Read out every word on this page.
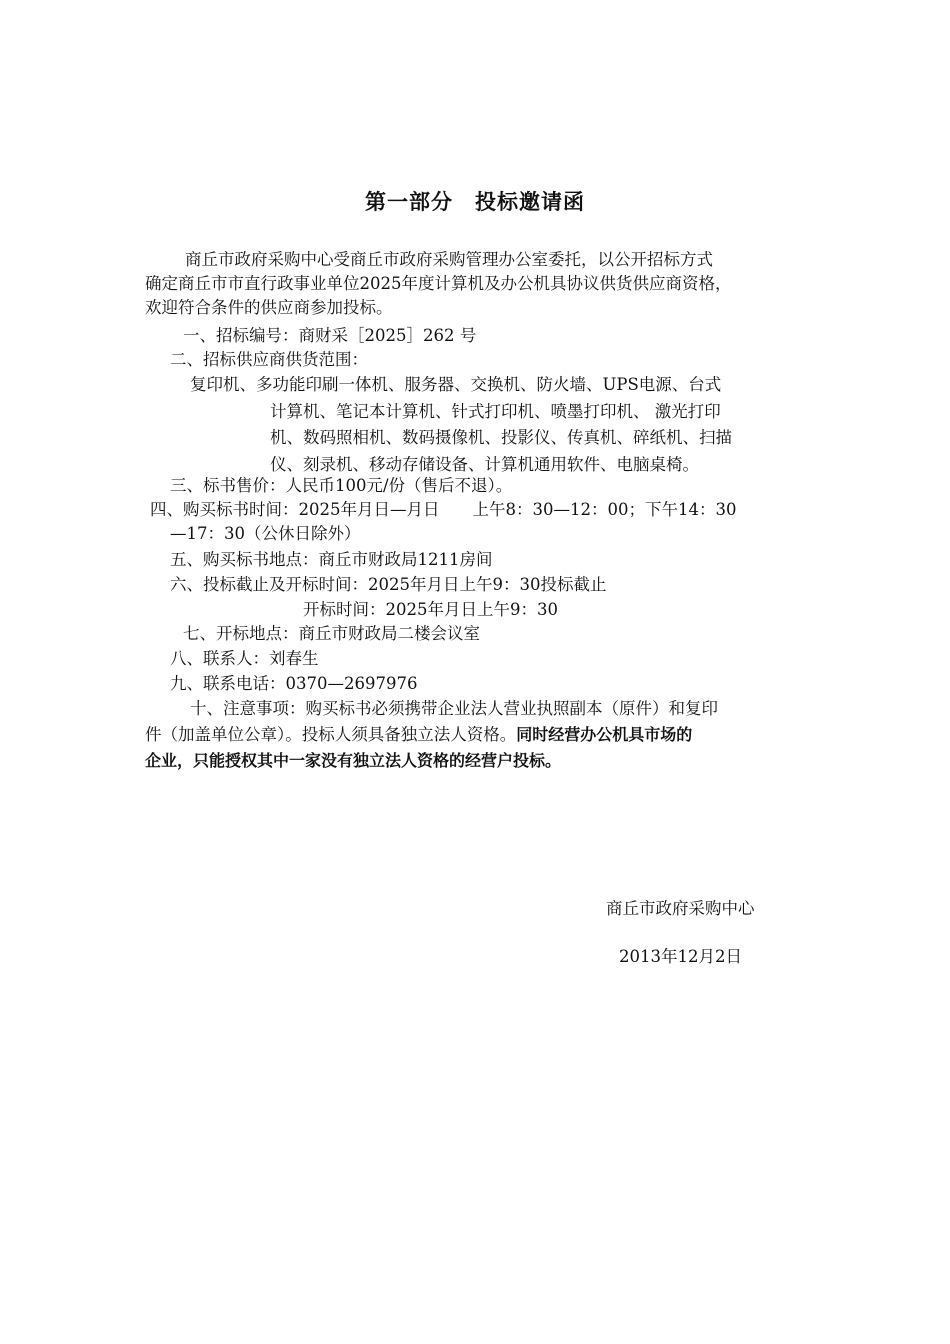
第一部分　投标邀请函
商丘市政府采购中心受商丘市政府采购管理办公室委托，以公开招标方式
确定商丘市市直行政事业单位2025年度计算机及办公机具协议供货供应商资格，
欢迎符合条件的供应商参加投标。
一、招标编号：商财采［2025］262 号
二、招标供应商供货范围：
复印机、多功能印刷一体机、服务器、交换机、防火墙、UPS电源、台式
计算机、笔记本计算机、针式打印机、喷墨打印机、 激光打印
机、数码照相机、数码摄像机、投影仪、传真机、碎纸机、扫描
仪、刻录机、移动存储设备、计算机通用软件、电脑桌椅。
三、标书售价：人民币100元/份（售后不退）。
四、购买标书时间：2025年月日—月日　　上午8：30—12：00；下午14：30
—17：30（公休日除外）
五、购买标书地点：商丘市财政局1211房间
六、投标截止及开标时间：2025年月日上午9：30投标截止
开标时间：2025年月日上午9：30
七、开标地点：商丘市财政局二楼会议室
八、联系人：刘春生
九、联系电话：0370—2697976
十、注意事项：购买标书必须携带企业法人营业执照副本（原件）和复印
件（加盖单位公章）。投标人须具备独立法人资格。同时经营办公机具市场的
企业，只能授权其中一家没有独立法人资格的经营户投标。
商丘市政府采购中心
2013年12月2日
